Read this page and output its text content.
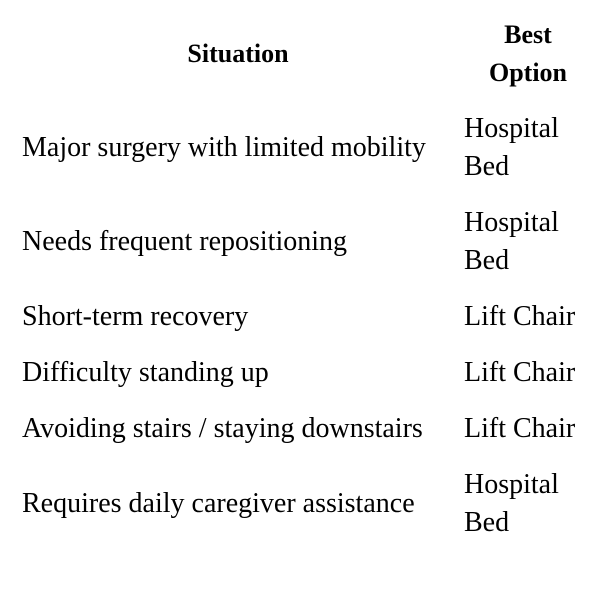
Situation	Best Option
Major surgery with limited mobility	Hospital Bed
Needs frequent repositioning	Hospital Bed
Short-term recovery	Lift Chair
Difficulty standing up	Lift Chair
Avoiding stairs / staying downstairs	Lift Chair
Requires daily caregiver assistance	Hospital Bed
